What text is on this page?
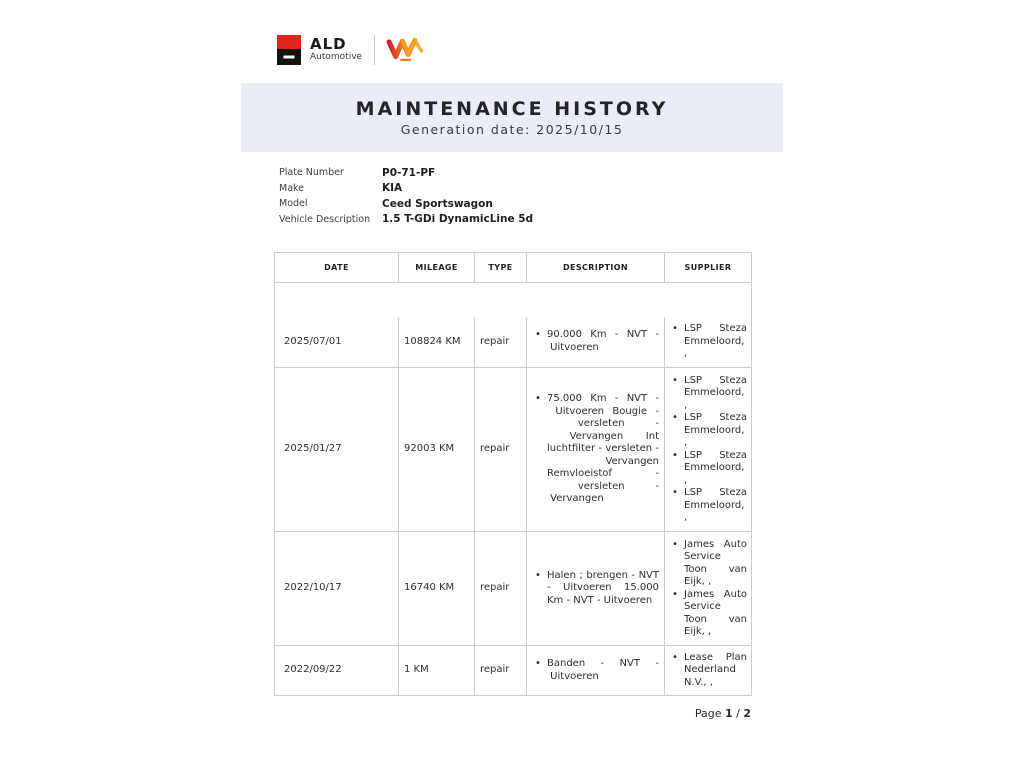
ALD
Automotive
MAINTENANCE HISTORY
Generation date: 2025/10/15
Plate Number	P0-71-PF
Make	KIA
Model	Ceed Sportswagon
Vehicle Description	1.5 T-GDi DynamicLine 5d
DATE	MILEAGE	TYPE	DESCRIPTION	SUPPLIER

2025/07/01	108824 KM	repair	• 90.000 Km - NVT - Uitvoeren	• LSP Steza Emmeloord, ,

2025/01/27	92003 KM	repair	• 75.000 Km - NVT - Uitvoeren Bougie - versleten - Vervangen Int luchtfilter - versleten - Vervangen Remvloeistof - versleten - Vervangen	• LSP Steza Emmeloord, ,
• LSP Steza Emmeloord, ,
• LSP Steza Emmeloord, ,
• LSP Steza Emmeloord, ,

2022/10/17	16740 KM	repair	• Halen ; brengen - NVT - Uitvoeren 15.000 Km - NVT - Uitvoeren	• James Auto Service Toon van Eijk, ,
• James Auto Service Toon van Eijk, ,

2022/09/22	1 KM	repair	• Banden - NVT - Uitvoeren	• Lease Plan Nederland N.V., ,
Page 1 / 2
